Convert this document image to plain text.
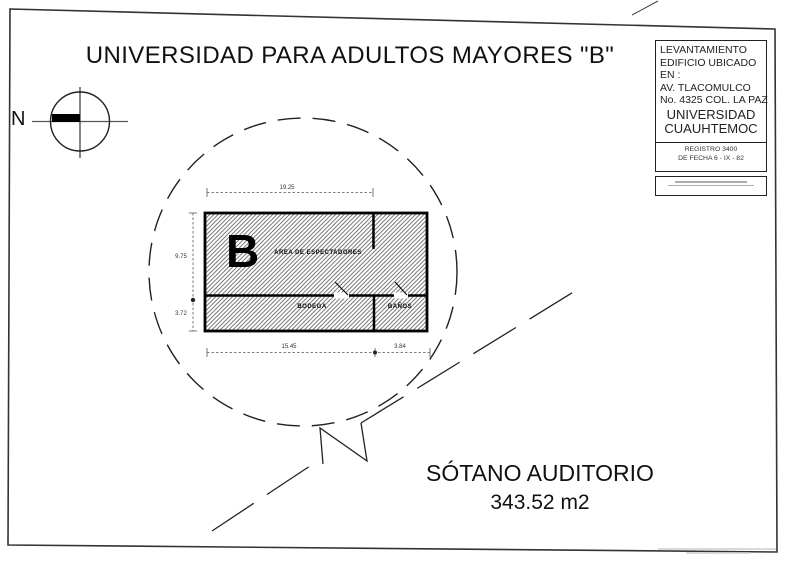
UNIVERSIDAD PARA ADULTOS MAYORES "B"
N
B	AREA DE ESPECTADORES
BODEGA	BAÑOS
19.25
9.75
3.72
15.45	3.84
SÓTANO AUDITORIO
343.52 m2
LEVANTAMIENTO
EDIFICIO UBICADO
EN :
AV. TLACOMULCO
No. 4325 COL. LA PAZ
UNIVERSIDAD
CUAUHTEMOC
REGISTRO 3400
DE FECHA 6 - IX - 82
